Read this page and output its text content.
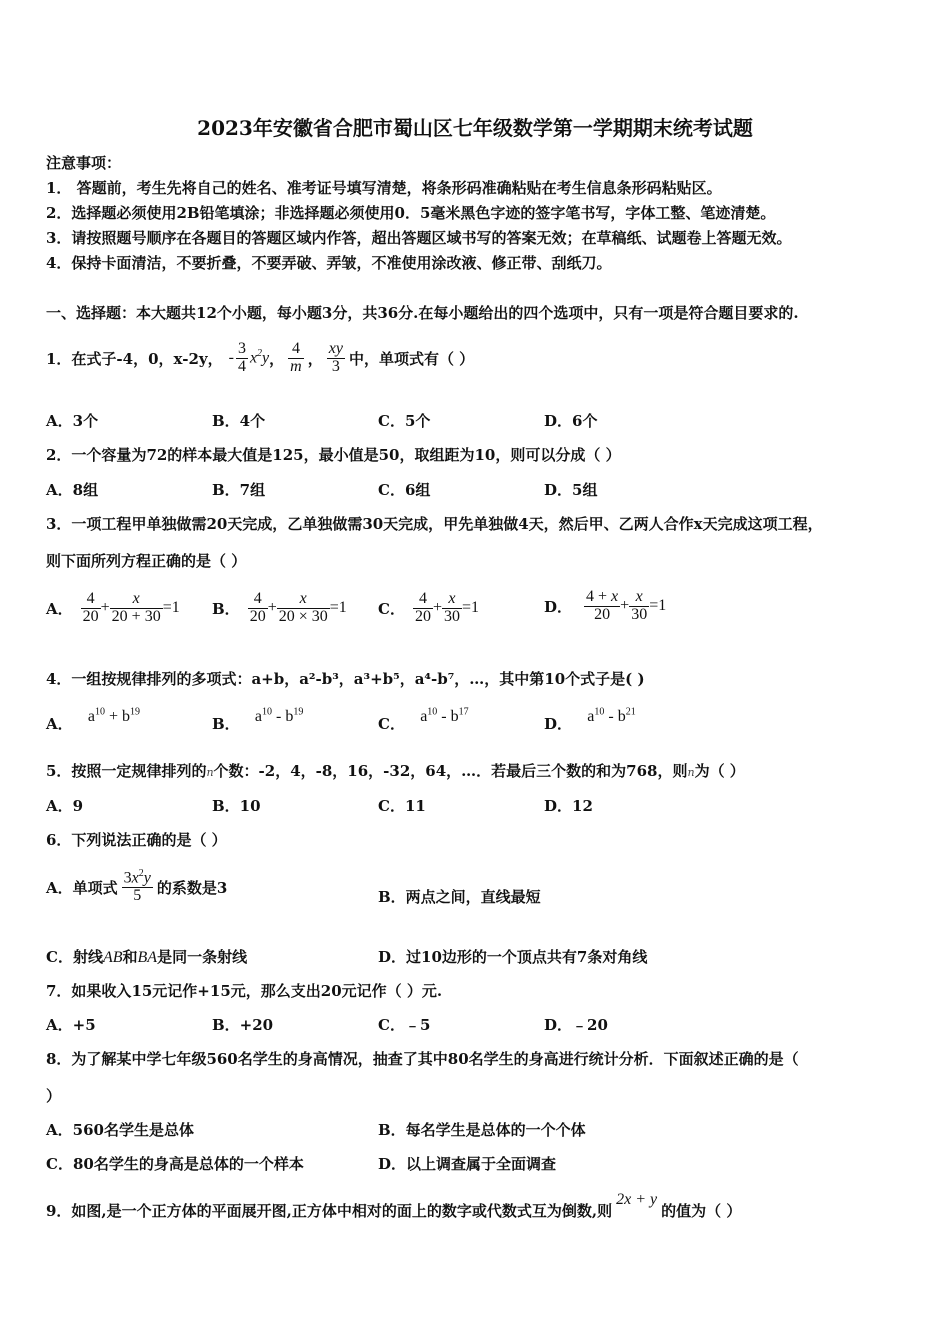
2023年安徽省合肥市蜀山区七年级数学第一学期期末统考试题
注意事项：
1． 答题前，考生先将自己的姓名、准考证号填写清楚，将条形码准确粘贴在考生信息条形码粘贴区。
2．选择题必须使用2B铅笔填涂；非选择题必须使用0．5毫米黑色字迹的签字笔书写，字体工整、笔迹清楚。
3．请按照题号顺序在各题目的答题区域内作答，超出答题区域书写的答案无效；在草稿纸、试题卷上答题无效。
4．保持卡面清洁，不要折叠，不要弄破、弄皱，不准使用涂改液、修正带、刮纸刀。
一、选择题：本大题共12个小题，每小题3分，共36分.在每小题给出的四个选项中，只有一项是符合题目要求的.
1．在式子-4，0，x-2y， - $\frac{3}{4} x^2y$ ， $\frac{4}{m}$ ， $\frac{xy}{3}$ 中，单项式有（ ）
A．3个	B．4个	C．5个	D．6个
2．一个容量为72的样本最大值是125，最小值是50，取组距为10，则可以分成（ ）
A．8组	B．7组	C．6组	D．5组
3．一项工程甲单独做需20天完成，乙单独做需30天完成，甲先单独做4天，然后甲、乙两人合作x天完成这项工程，
则下面所列方程正确的是（ ）
A． $\frac{4}{20} + \frac{x}{20 + 30} =1$ B． $\frac{4}{20} + \frac{x}{20 \times 30} =1$ C． $\frac{4}{20} + \frac{x}{30} =1$	D． $\frac{4 + x}{20} + \frac{x}{30} =1$
4．一组按规律排列的多项式：a+b，a²-b³，a³+b⁵，a⁴-b⁷，…，其中第10个式子是( )
A． $a^{10} + b^{19}$
B． $a^{10} - b^{19}$
C． $a^{10} - b^{17}$
D． $a^{10} - b^{21}$
5．按照一定规律排列的n个数：-2，4，-8，16，-32，64，…．若最后三个数的和为768，则n为（ ）
A．9	B．10	C．11	D．12
6．下列说法正确的是（ ）
A．单项式 $\frac{3x^2y}{5}$ 的系数是3
B．两点之间，直线最短
C．射线AB和BA是同一条射线	D．过10边形的一个顶点共有7条对角线
7．如果收入15元记作+15元，那么支出20元记作（ ）元.
A．+5	B．+20	C．﹣5	D．﹣20
8．为了解某中学七年级560名学生的身高情况，抽查了其中80名学生的身高进行统计分析．下面叙述正确的是（
）
A．560名学生是总体	B．每名学生是总体的一个个体
C．80名学生的身高是总体的一个样本	D．以上调查属于全面调查
9．如图,是一个正方体的平面展开图,正方体中相对的面上的数字或代数式互为倒数,则2x + y的值为（ ）
